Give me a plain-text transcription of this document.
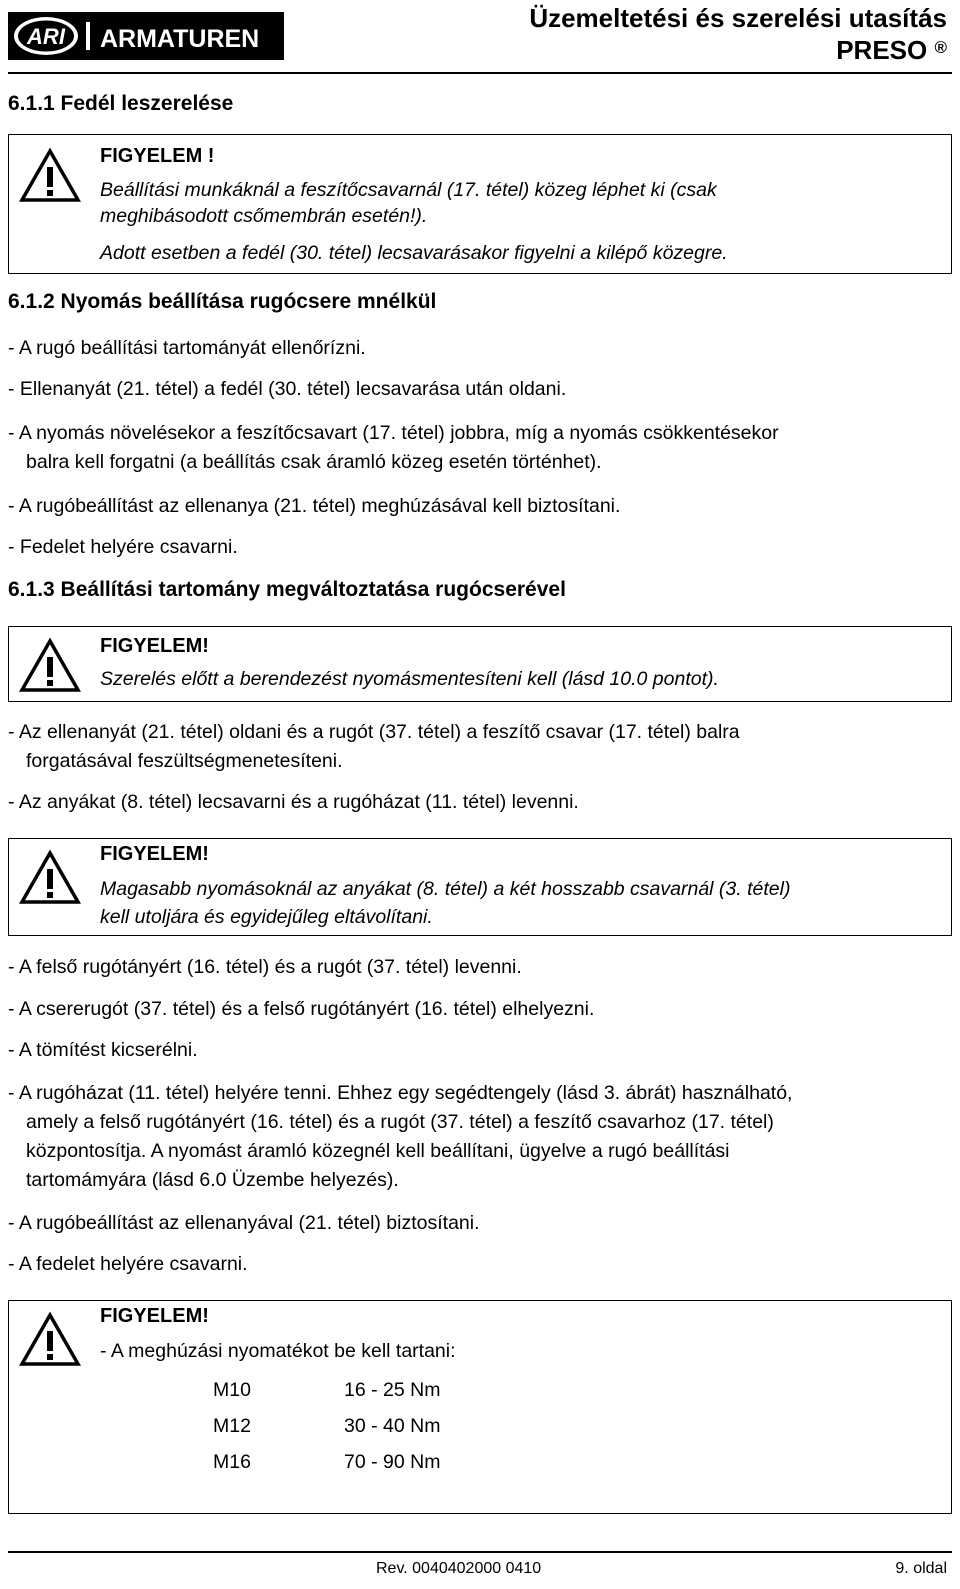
ARI ARMATUREN
Üzemeltetési és szerelési utasítás
PRESO ®
6.1.1 Fedél leszerelése
FIGYELEM !
Beállítási munkáknál a feszítőcsavarnál (17. tétel) közeg léphet ki (csak
meghibásodott csőmembrán esetén!).
Adott esetben a fedél (30. tétel) lecsavarásakor figyelni a kilépő közegre.
6.1.2 Nyomás beállítása rugócsere mnélkül
- A rugó beállítási tartományát ellenőrízni.
- Ellenanyát (21. tétel) a fedél (30. tétel) lecsavarása után oldani.
- A nyomás növelésekor a feszítőcsavart (17. tétel) jobbra, míg a nyomás csökkentésekor
balra kell forgatni (a beállítás csak áramló közeg esetén történhet).
- A rugóbeállítást az ellenanya (21. tétel) meghúzásával kell biztosítani.
- Fedelet helyére csavarni.
6.1.3 Beállítási tartomány megváltoztatása rugócserével
FIGYELEM!
Szerelés előtt a berendezést nyomásmentesíteni kell (lásd 10.0 pontot).
- Az ellenanyát (21. tétel) oldani és a rugót (37. tétel) a feszítő csavar (17. tétel) balra
forgatásával feszültségmenetesíteni.
- Az anyákat (8. tétel) lecsavarni és a rugóházat (11. tétel) levenni.
FIGYELEM!
Magasabb nyomásoknál az anyákat (8. tétel) a két hosszabb csavarnál (3. tétel)
kell utoljára és egyidejűleg eltávolítani.
- A felső rugótányért (16. tétel) és a rugót (37. tétel) levenni.
- A csererugót (37. tétel) és a felső rugótányért (16. tétel) elhelyezni.
- A tömítést kicserélni.
- A rugóházat (11. tétel) helyére tenni. Ehhez egy segédtengely (lásd 3. ábrát) használható,
amely a felső rugótányért (16. tétel) és a rugót (37. tétel) a feszítő csavarhoz (17. tétel)
központosítja. A nyomást áramló közegnél kell beállítani, ügyelve a rugó beállítási
tartomámyára (lásd 6.0 Üzembe helyezés).
- A rugóbeállítást az ellenanyával (21. tétel) biztosítani.
- A fedelet helyére csavarni.
FIGYELEM!
- A meghúzási nyomatékot be kell tartani:
M10	16 - 25 Nm
M12	30 - 40 Nm
M16	70 - 90 Nm
Rev. 0040402000 0410	9. oldal
